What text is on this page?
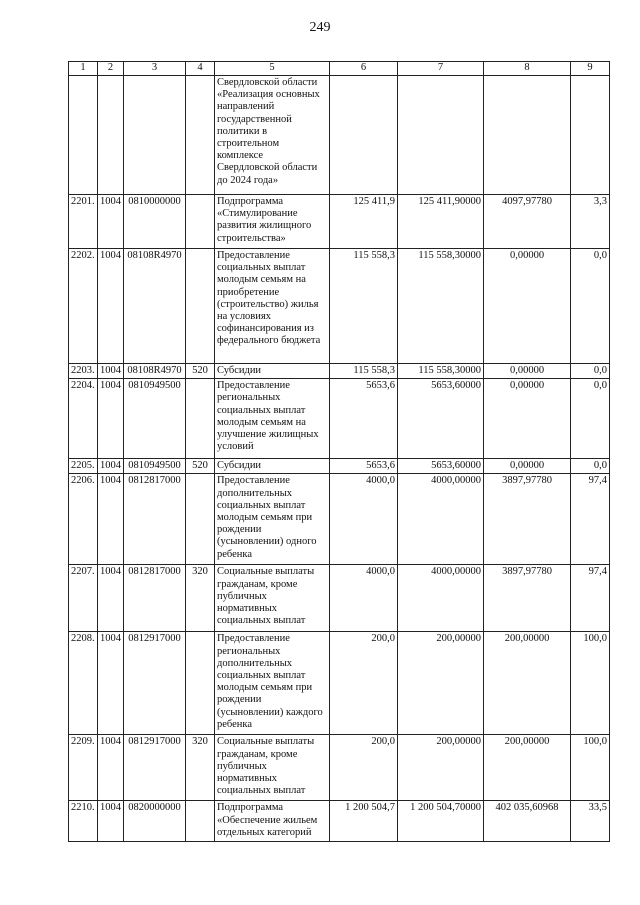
249
1	2	3	4	5	6	7	8	9
				Свердловской области «Реализация основных направлений государственной политики в строительном комплексе Свердловской области до 2024 года»				
2201.	1004	0810000000		Подпрограмма «Стимулирование развития жилищного строительства»	125 411,9	125 411,90000	4097,97780	3,3
2202.	1004	08108R4970		Предоставление социальных выплат молодым семьям на приобретение (строительство) жилья на условиях софинансирования из федерального бюджета	115 558,3	115 558,30000	0,00000	0,0
2203.	1004	08108R4970	520	Субсидии	115 558,3	115 558,30000	0,00000	0,0
2204.	1004	0810949500		Предоставление региональных социальных выплат молодым семьям на улучшение жилищных условий	5653,6	5653,60000	0,00000	0,0
2205.	1004	0810949500	520	Субсидии	5653,6	5653,60000	0,00000	0,0
2206.	1004	0812817000		Предоставление дополнительных социальных выплат молодым семьям при рождении (усыновлении) одного ребенка	4000,0	4000,00000	3897,97780	97,4
2207.	1004	0812817000	320	Социальные выплаты гражданам, кроме публичных нормативных социальных выплат	4000,0	4000,00000	3897,97780	97,4
2208.	1004	0812917000		Предоставление региональных дополнительных социальных выплат молодым семьям при рождении (усыновлении) каждого ребенка	200,0	200,00000	200,00000	100,0
2209.	1004	0812917000	320	Социальные выплаты гражданам, кроме публичных нормативных социальных выплат	200,0	200,00000	200,00000	100,0
2210.	1004	0820000000		Подпрограмма «Обеспечение жильем отдельных категорий	1 200 504,7	1 200 504,70000	402 035,60968	33,5
